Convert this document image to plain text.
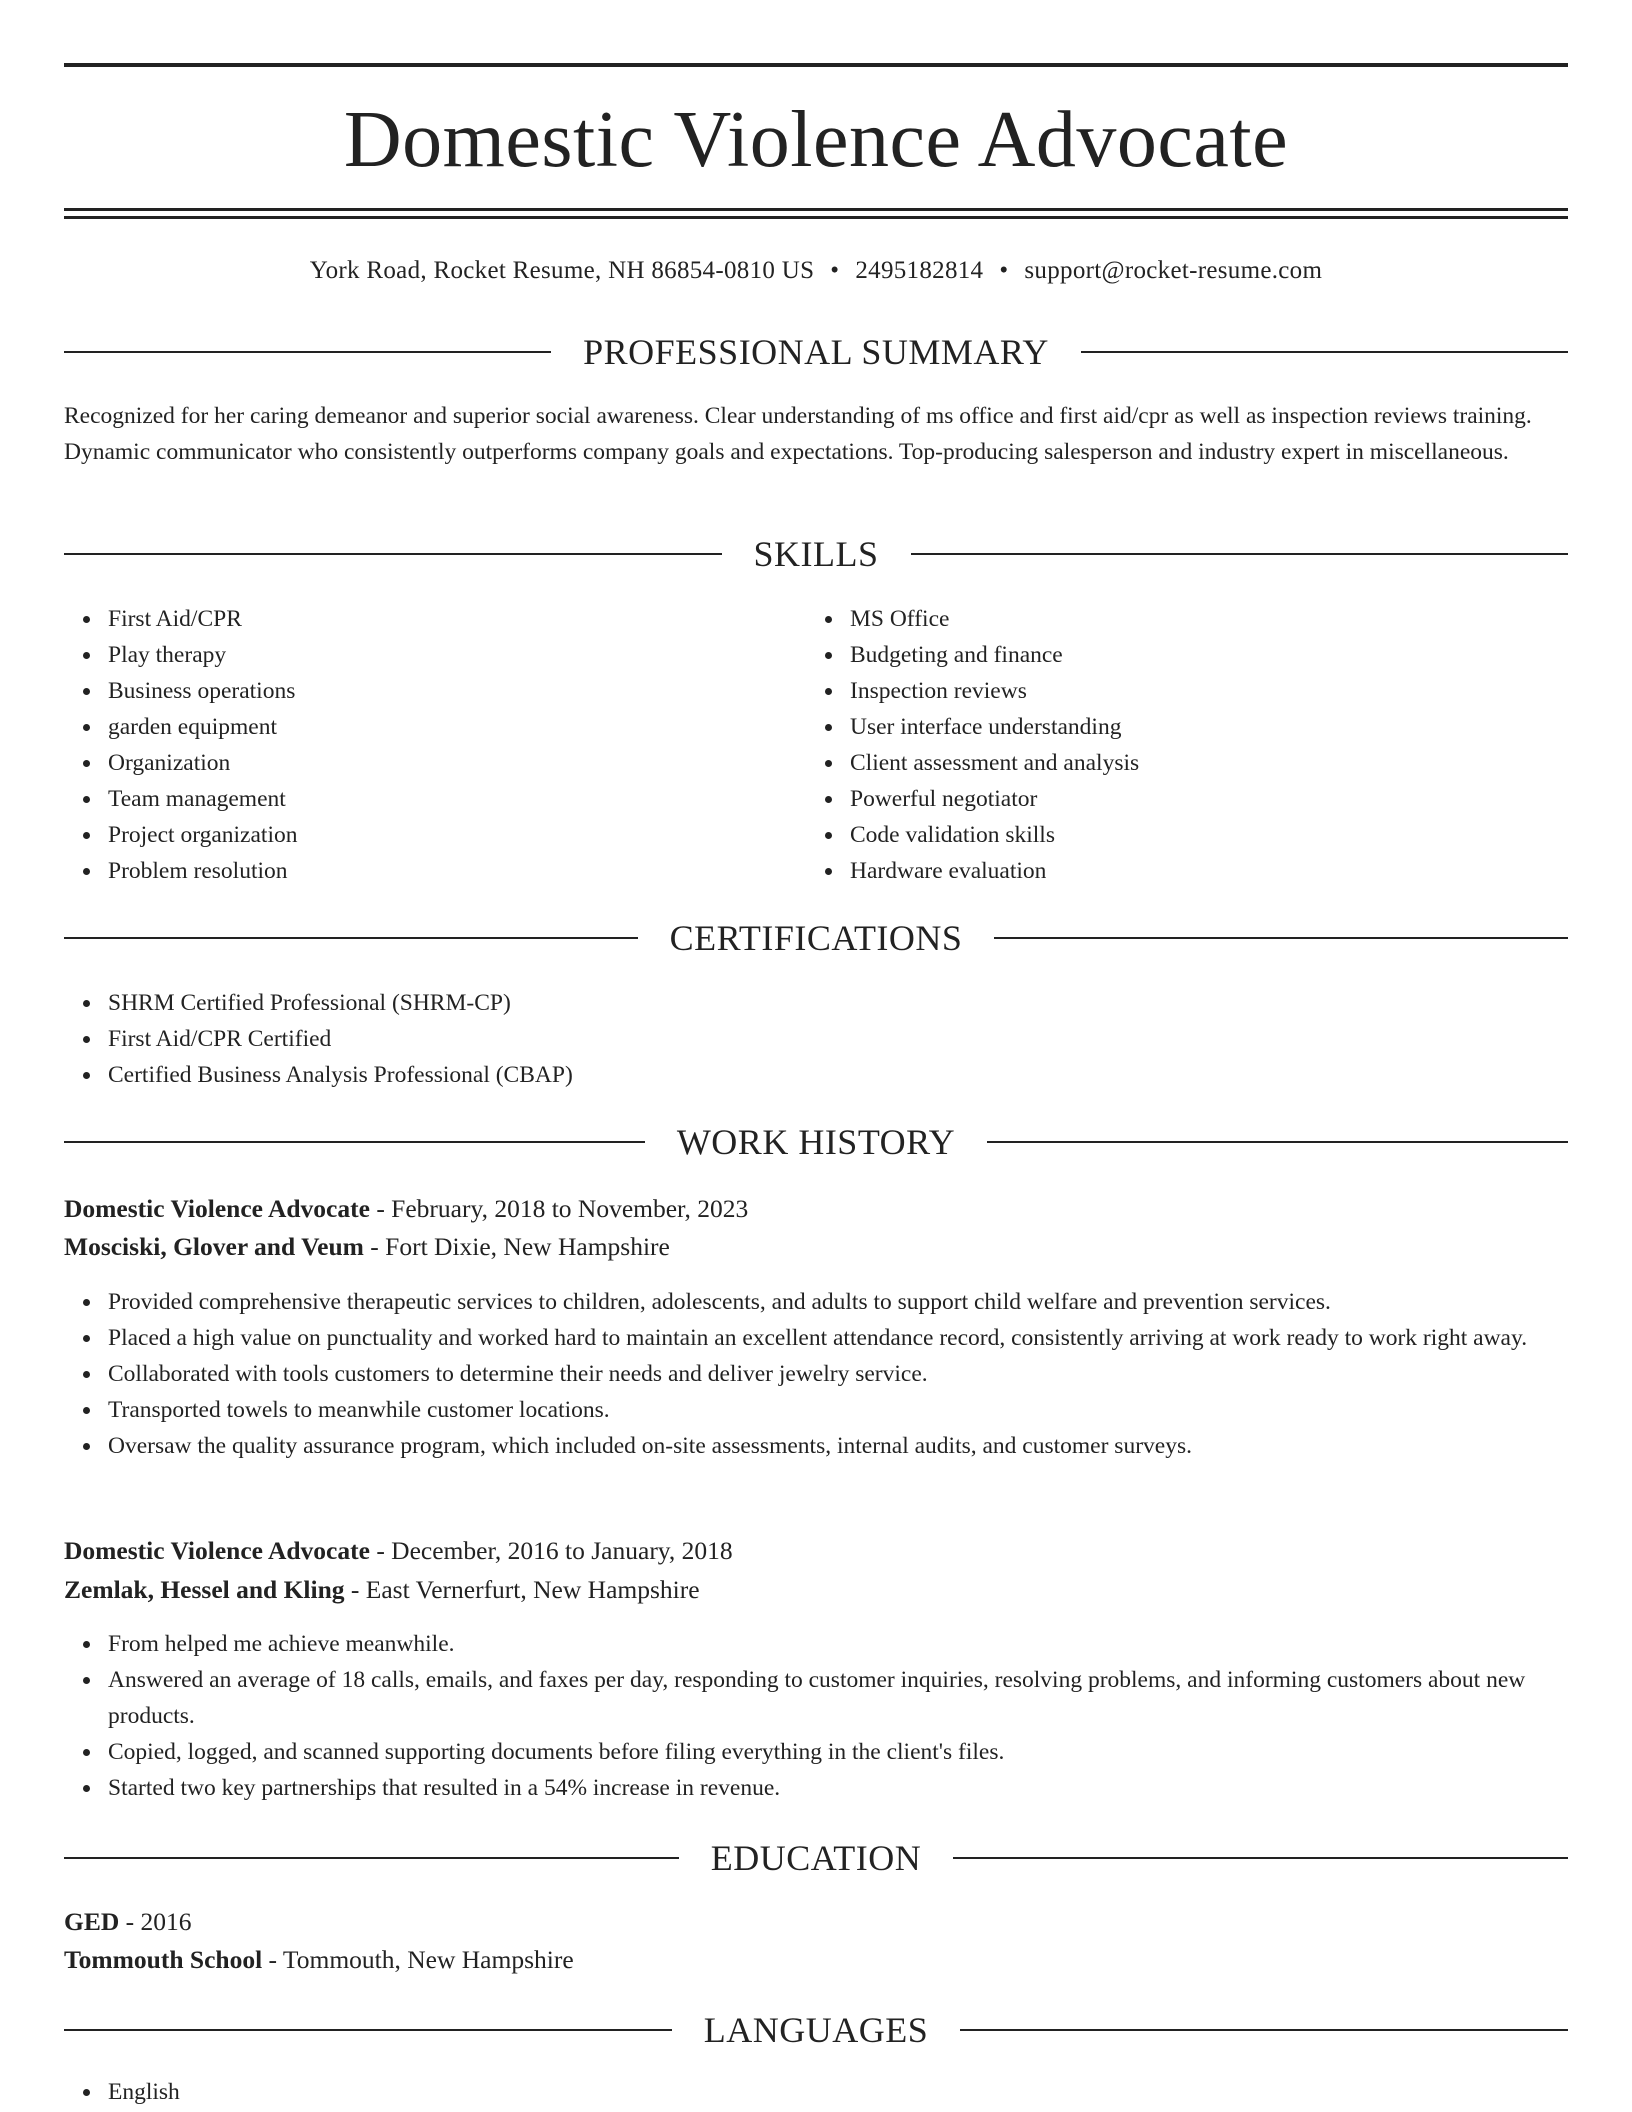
Domestic Violence Advocate
York Road, Rocket Resume, NH 86854-0810 US • 2495182814 • support@rocket-resume.com
PROFESSIONAL SUMMARY

Recognized for her caring demeanor and superior social awareness. Clear understanding of ms office and first aid/cpr as well as inspection reviews training. Dynamic communicator who consistently outperforms company goals and expectations. Top-producing salesperson and industry expert in miscellaneous.

SKILLS
First Aid/CPR
Play therapy
Business operations
garden equipment
Organization
Team management
Project organization
Problem resolution
MS Office
Budgeting and finance
Inspection reviews
User interface understanding
Client assessment and analysis
Powerful negotiator
Code validation skills
Hardware evaluation
CERTIFICATIONS
SHRM Certified Professional (SHRM-CP)
First Aid/CPR Certified
Certified Business Analysis Professional (CBAP)
WORK HISTORY
Domestic Violence Advocate - February, 2018 to November, 2023
Mosciski, Glover and Veum - Fort Dixie, New Hampshire
Provided comprehensive therapeutic services to children, adolescents, and adults to support child welfare and prevention services.
Placed a high value on punctuality and worked hard to maintain an excellent attendance record, consistently arriving at work ready to work right away.
Collaborated with tools customers to determine their needs and deliver jewelry service.
Transported towels to meanwhile customer locations.
Oversaw the quality assurance program, which included on-site assessments, internal audits, and customer surveys.
Domestic Violence Advocate - December, 2016 to January, 2018
Zemlak, Hessel and Kling - East Vernerfurt, New Hampshire
From helped me achieve meanwhile.
Answered an average of 18 calls, emails, and faxes per day, responding to customer inquiries, resolving problems, and informing customers about new products.
Copied, logged, and scanned supporting documents before filing everything in the client's files.
Started two key partnerships that resulted in a 54% increase in revenue.
EDUCATION
GED - 2016
Tommouth School - Tommouth, New Hampshire
LANGUAGES
English
